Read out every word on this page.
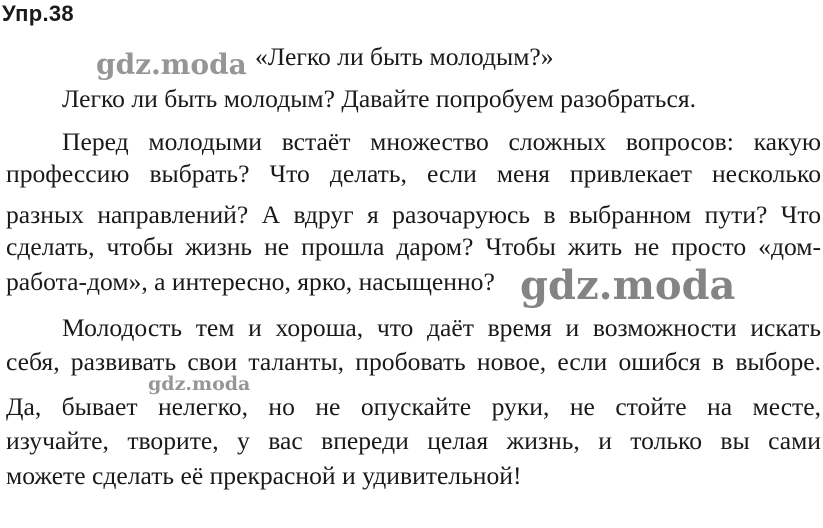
Упр.38
gdz.moda «Легко ли быть молодым?»
Легко ли быть молодым? Давайте попробуем разобраться.
Перед молодыми встаёт множество сложных вопросов: какую
профессию выбрать? Что делать, если меня привлекает несколько
разных направлений? А вдруг я разочаруюсь в выбранном пути? Что
сделать, чтобы жизнь не прошла даром? Чтобы жить не просто «дом-
работа-дом», а интересно, ярко, насыщенно? gdz.moda
Молодость тем и хороша, что даёт время и возможности искать
себя, развивать свои таланты, пробовать новое, если ошибся в выборе.
gdz.moda
Да, бывает нелегко, но не опускайте руки, не стойте на месте,
изучайте, творите, у вас впереди целая жизнь, и только вы сами
можете сделать её прекрасной и удивительной!
